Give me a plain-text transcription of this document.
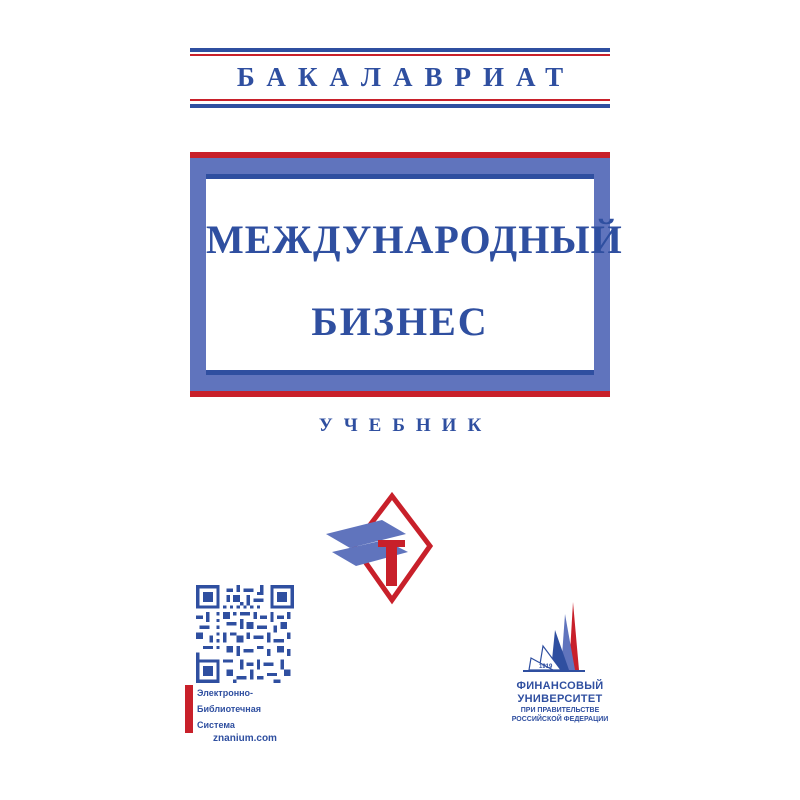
БАКАЛАВРИАТ
МЕЖДУНАРОДНЫЙ
БИЗНЕС
УЧЕБНИК
Электронно-
Библиотечная
Система
znanium.com
1919
ФИНАНСОВЫЙ
УНИВЕРСИТЕТ
ПРИ ПРАВИТЕЛЬСТВЕ
РОССИЙСКОЙ ФЕДЕРАЦИИ
